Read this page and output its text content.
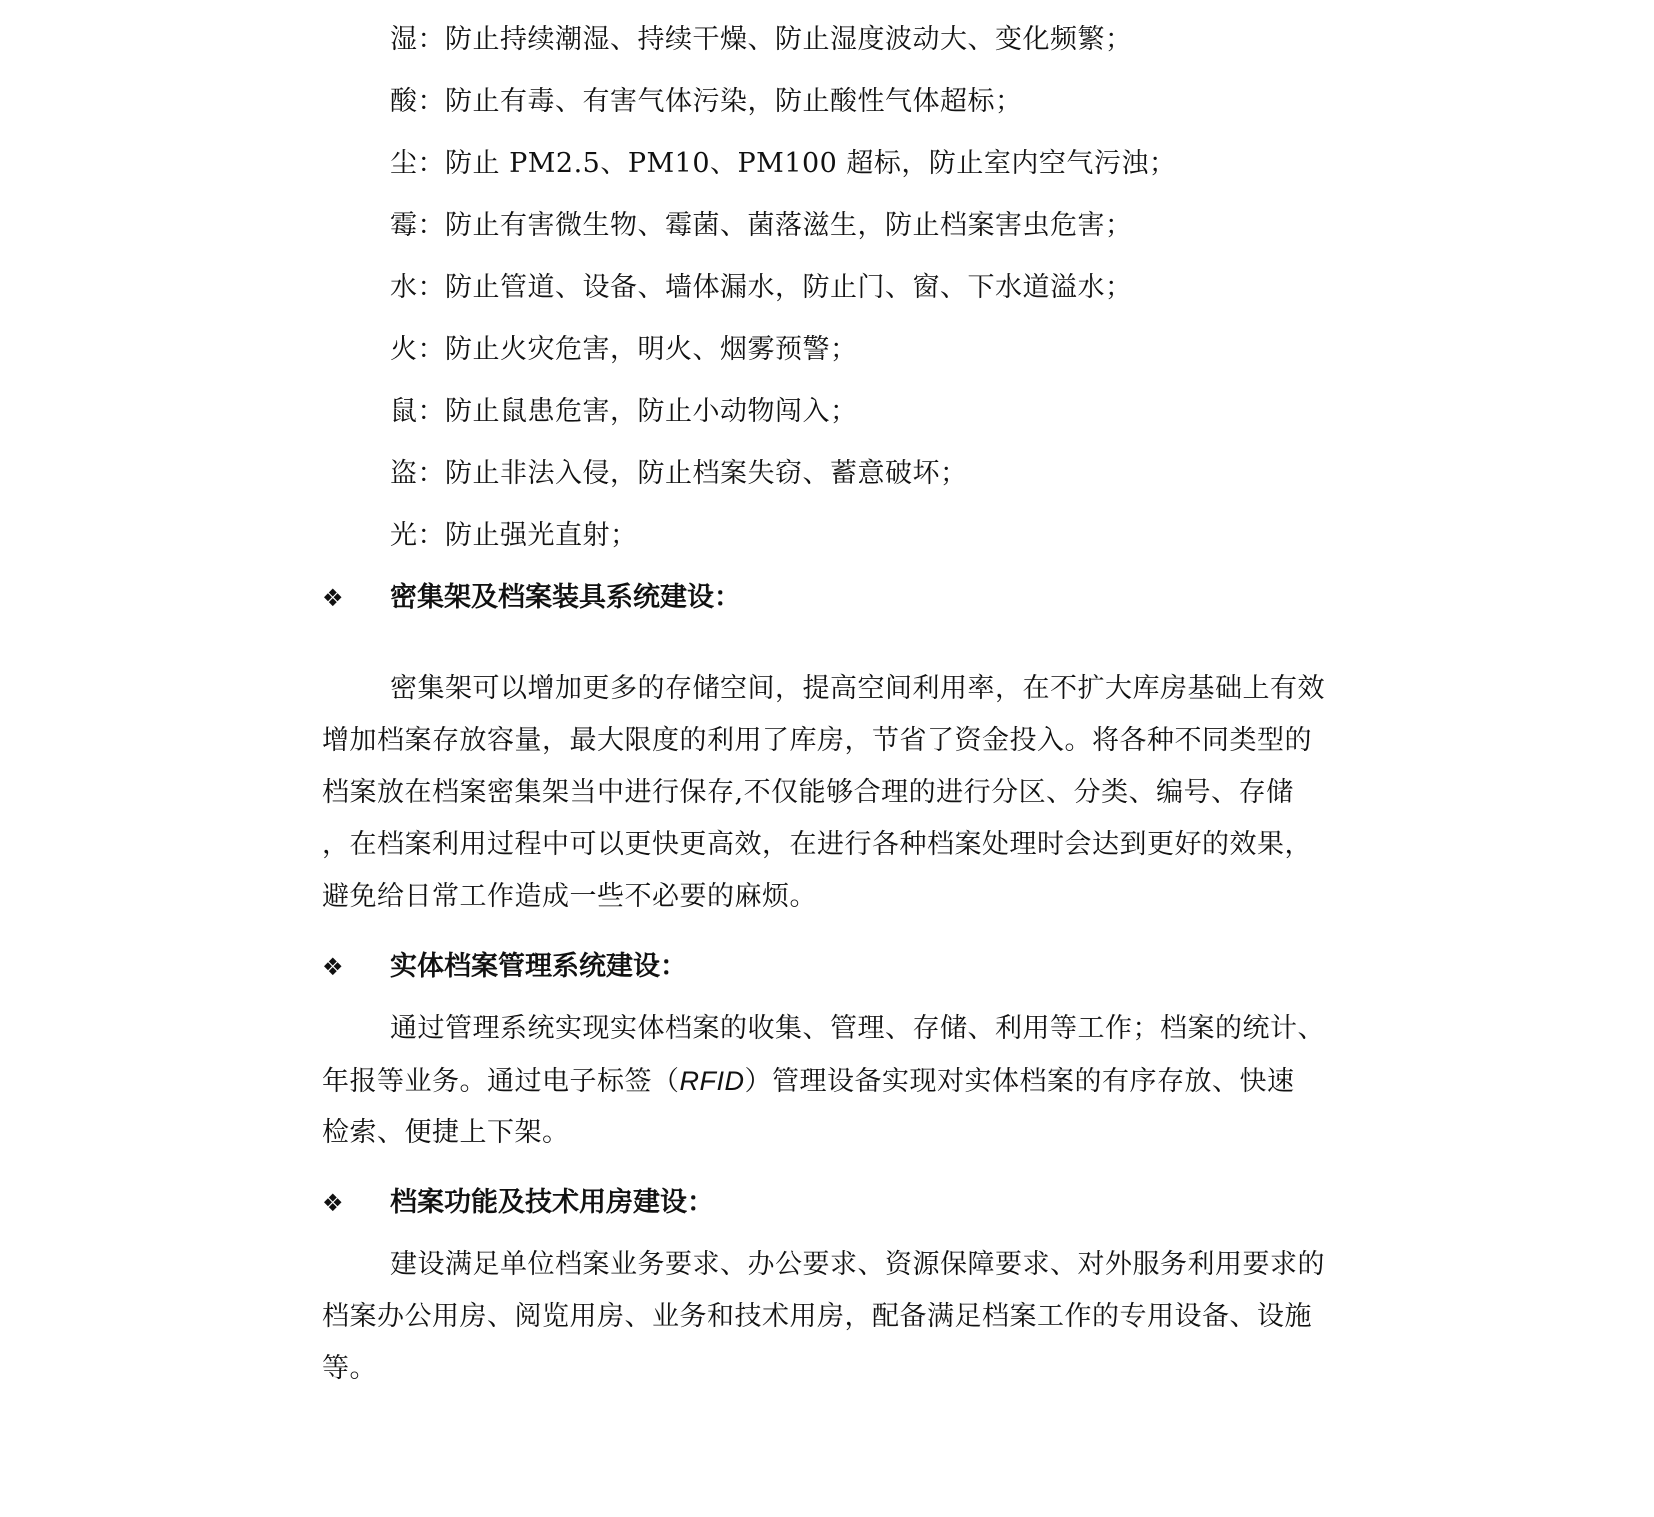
湿：防止持续潮湿、持续干燥、防止湿度波动大、变化频繁；
酸：防止有毒、有害气体污染，防止酸性气体超标；
尘：防止 PM2.5、PM10、PM100 超标，防止室内空气污浊；
霉：防止有害微生物、霉菌、菌落滋生，防止档案害虫危害；
水：防止管道、设备、墙体漏水，防止门、窗、下水道溢水；
火：防止火灾危害，明火、烟雾预警；
鼠：防止鼠患危害，防止小动物闯入；
盗：防止非法入侵，防止档案失窃、蓄意破坏；
光：防止强光直射；
❖ 密集架及档案装具系统建设：
密集架可以增加更多的存储空间，提高空间利用率，在不扩大库房基础上有效
增加档案存放容量，最大限度的利用了库房，节省了资金投入。将各种不同类型的
档案放在档案密集架当中进行保存,不仅能够合理的进行分区、分类、编号、存储
，在档案利用过程中可以更快更高效，在进行各种档案处理时会达到更好的效果，
避免给日常工作造成一些不必要的麻烦。
❖ 实体档案管理系统建设：
通过管理系统实现实体档案的收集、管理、存储、利用等工作；档案的统计、
年报等业务。通过电子标签（RFID）管理设备实现对实体档案的有序存放、快速
检索、便捷上下架。
❖ 档案功能及技术用房建设：
建设满足单位档案业务要求、办公要求、资源保障要求、对外服务利用要求的
档案办公用房、阅览用房、业务和技术用房，配备满足档案工作的专用设备、设施
等。
